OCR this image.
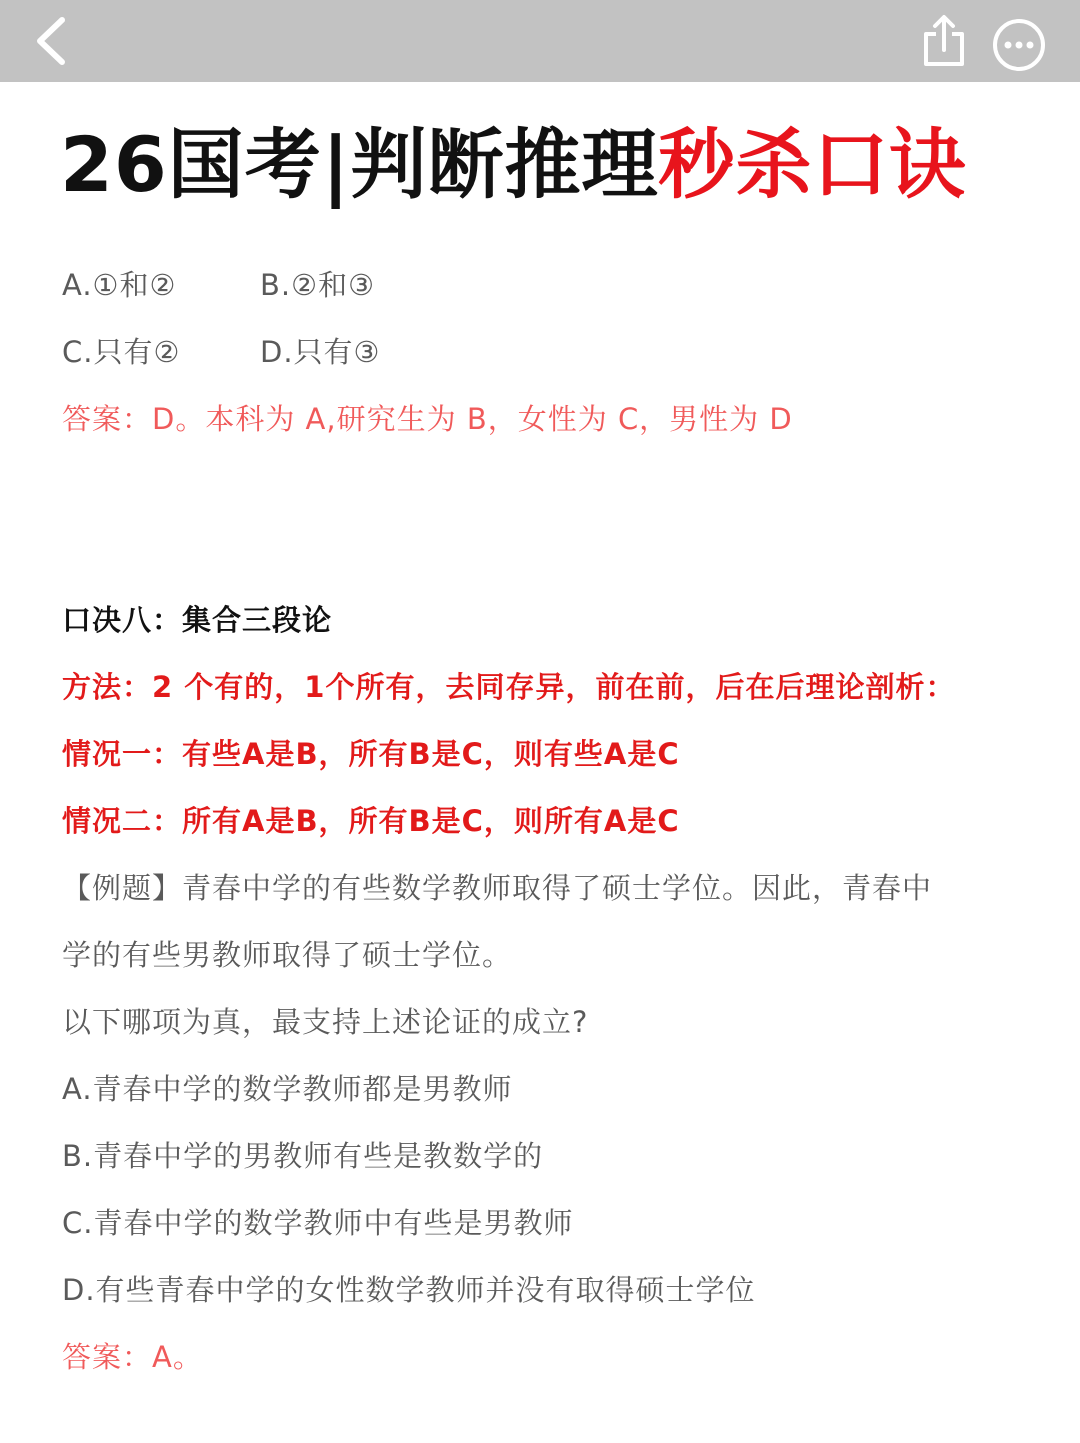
26国考|判断推理秒杀口诀
A.①和②	B.②和③
C.只有②	D.只有③
答案：D。本科为 A,研究生为 B，女性为 C，男性为 D
口决八：集合三段论
方法：2 个有的，1个所有，去同存异，前在前，后在后理论剖析：
情况一：有些A是B，所有B是C，则有些A是C
情况二：所有A是B，所有B是C，则所有A是C
【例题】青春中学的有些数学教师取得了硕士学位。因此，青春中
学的有些男教师取得了硕士学位。
以下哪项为真，最支持上述论证的成立?
A.青春中学的数学教师都是男教师
B.青春中学的男教师有些是教数学的
C.青春中学的数学教师中有些是男教师
D.有些青春中学的女性数学教师并没有取得硕士学位
答案：A。
